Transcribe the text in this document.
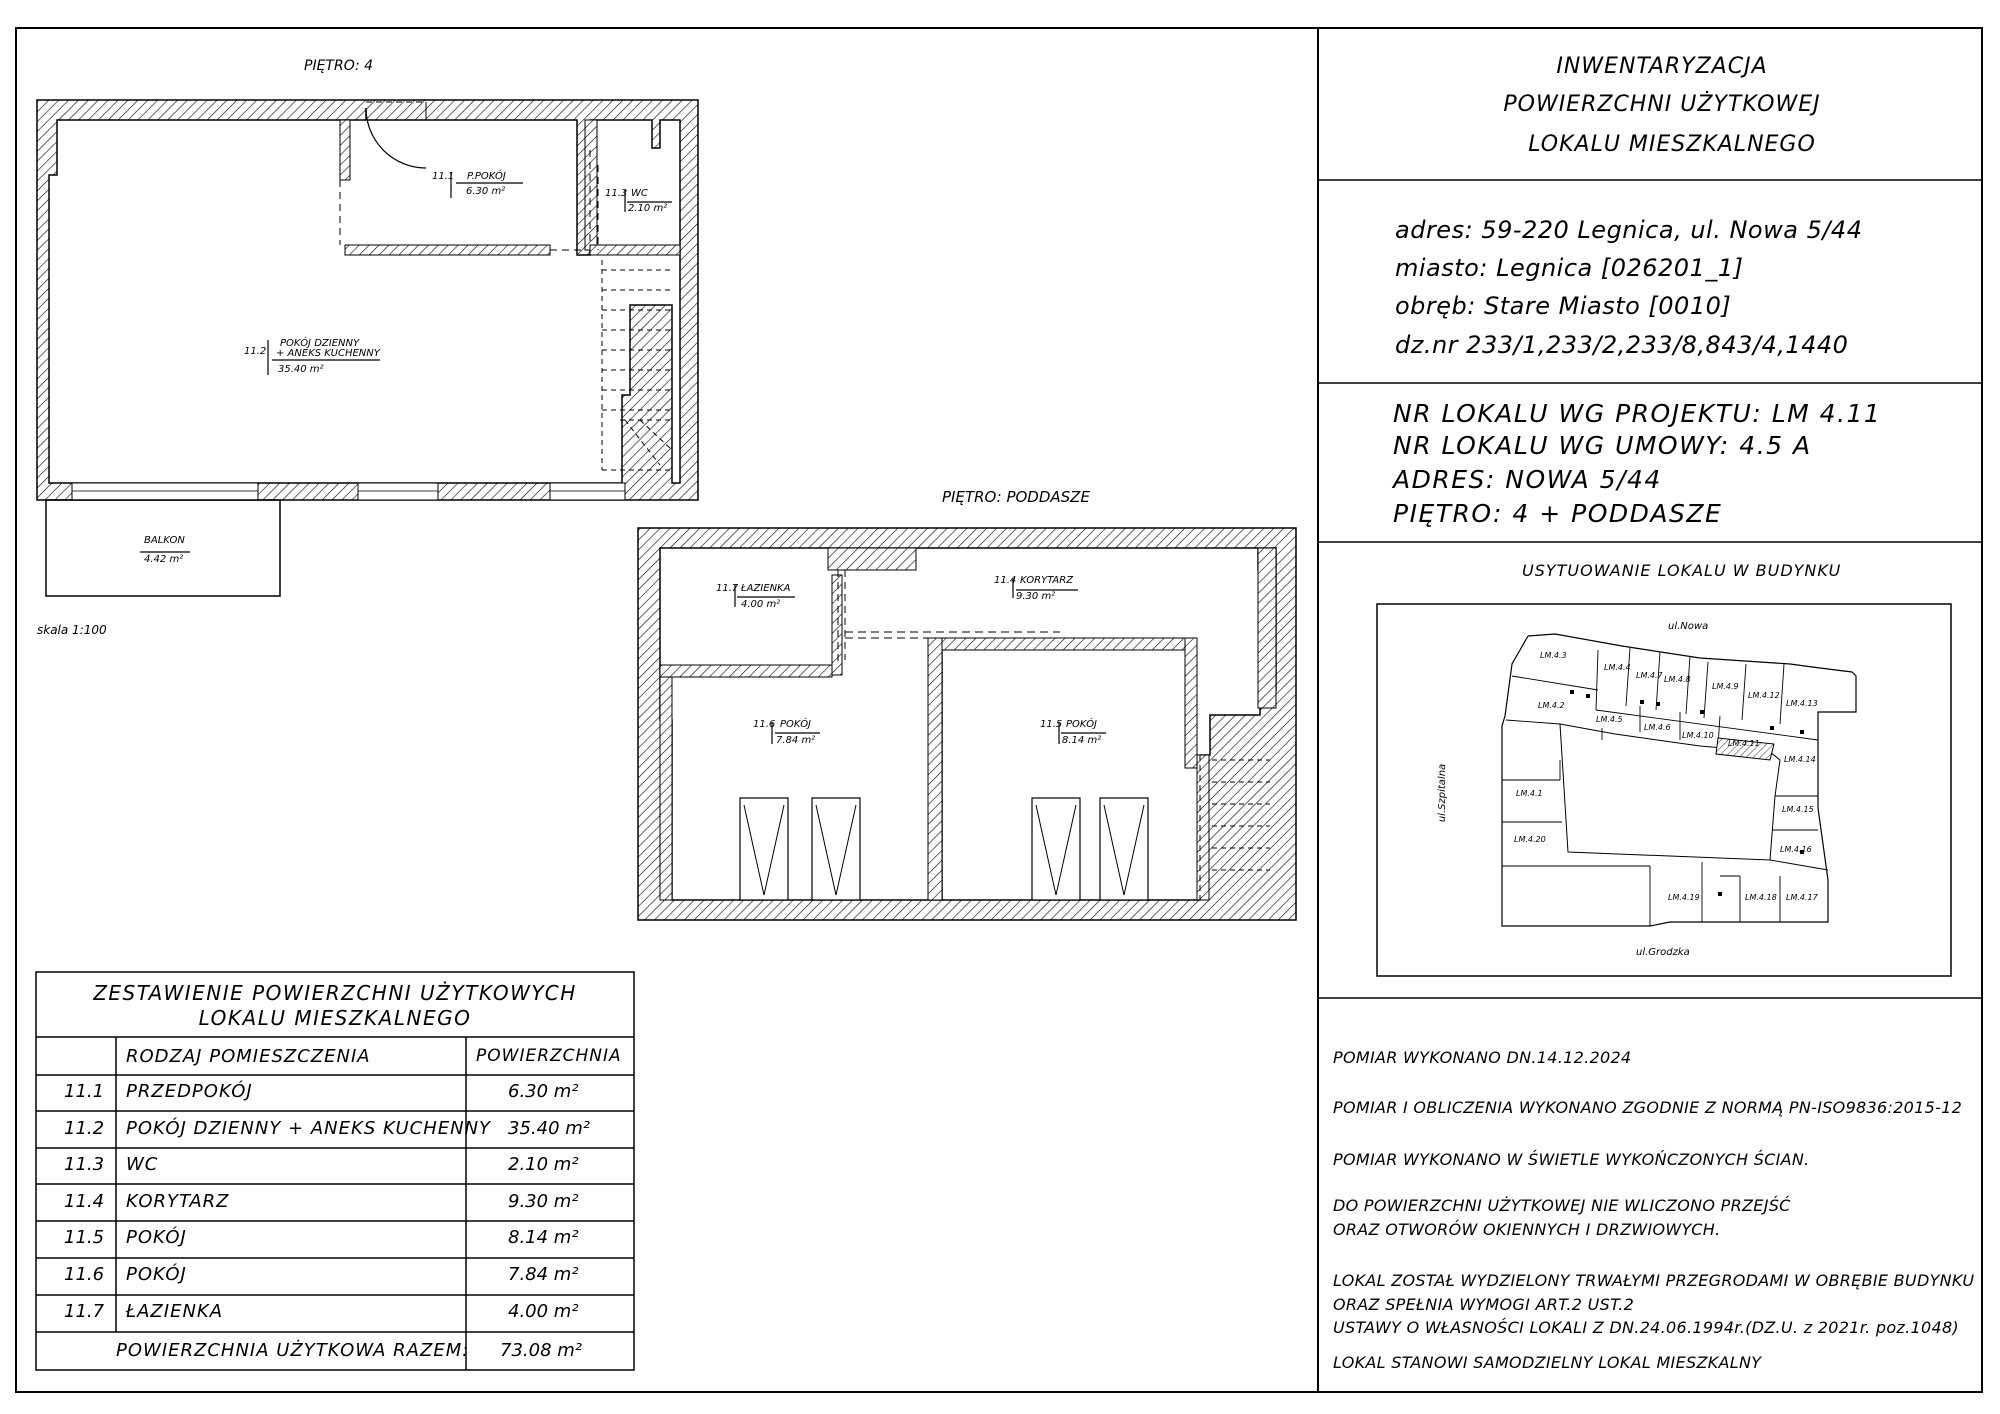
INWENTARYZACJA
POWIERZCHNI UŻYTKOWEJ
LOKALU MIESZKALNEGO
adres: 59-220 Legnica, ul. Nowa 5/44
miasto: Legnica [026201_1]
obręb: Stare Miasto [0010]
dz.nr 233/1,233/2,233/8,843/4,1440
NR LOKALU WG PROJEKTU: LM 4.11
NR LOKALU WG UMOWY: 4.5 A
ADRES: NOWA 5/44
PIĘTRO: 4 + PODDASZE
USYTUOWANIE LOKALU W BUDYNKU
ul.Nowa
ul.Szpitalna
ul.Grodzka
LM.4.3
LM.4.4
LM.4.7 LM.4.8
LM.4.9
LM.4.12
LM.4.13
LM.4.2
LM.4.5
LM.4.6
LM.4.10
LM.4.11
LM.4.14
LM.4.1
LM.4.15
LM.4.20
LM.4.16
LM.4.19	LM.4.18 LM.4.17
POMIAR WYKONANO DN.14.12.2024
POMIAR I OBLICZENIA WYKONANO ZGODNIE Z NORMĄ PN-ISO9836:2015-12
POMIAR WYKONANO W ŚWIETLE WYKOŃCZONYCH ŚCIAN.
DO POWIERZCHNI UŻYTKOWEJ NIE WLICZONO PRZEJŚĆ
ORAZ OTWORÓW OKIENNYCH I DRZWIOWYCH.
LOKAL ZOSTAŁ WYDZIELONY TRWAŁYMI PRZEGRODAMI W OBRĘBIE BUDYNKU
ORAZ SPEŁNIA WYMOGI ART.2 UST.2
USTAWY O WŁASNOŚCI LOKALI Z DN.24.06.1994r.(DZ.U. z 2021r. poz.1048)
LOKAL STANOWI SAMODZIELNY LOKAL MIESZKALNY
PIĘTRO: 4
PIĘTRO: PODDASZE
skala 1:100
11.1 P.POKÓJ
6.30 m²	11.3 WC
2.10 m²
11.2
POKÓJ DZIENNY
+ ANEKS KUCHENNY
35.40 m²
BALKON
4.42 m²
11.7 ŁAZIENKA
4.00 m²
11.4 KORYTARZ
9.30 m²
11.6 POKÓJ
7.84 m²
11.5 POKÓJ
8.14 m²
ZESTAWIENIE POWIERZCHNI UŻYTKOWYCH
LOKALU MIESZKALNEGO
RODZAJ POMIESZCZENIA	POWIERZCHNIA
11.1 PRZEDPOKÓJ	6.30 m²
11.2 POKÓJ DZIENNY + ANEKS KUCHENNY 35.40 m²
11.3 WC	2.10 m²
11.4 KORYTARZ	9.30 m²
11.5 POKÓJ	8.14 m²
11.6 POKÓJ	7.84 m²
11.7 ŁAZIENKA	4.00 m²
POWIERZCHNIA UŻYTKOWA RAZEM: 73.08 m²
